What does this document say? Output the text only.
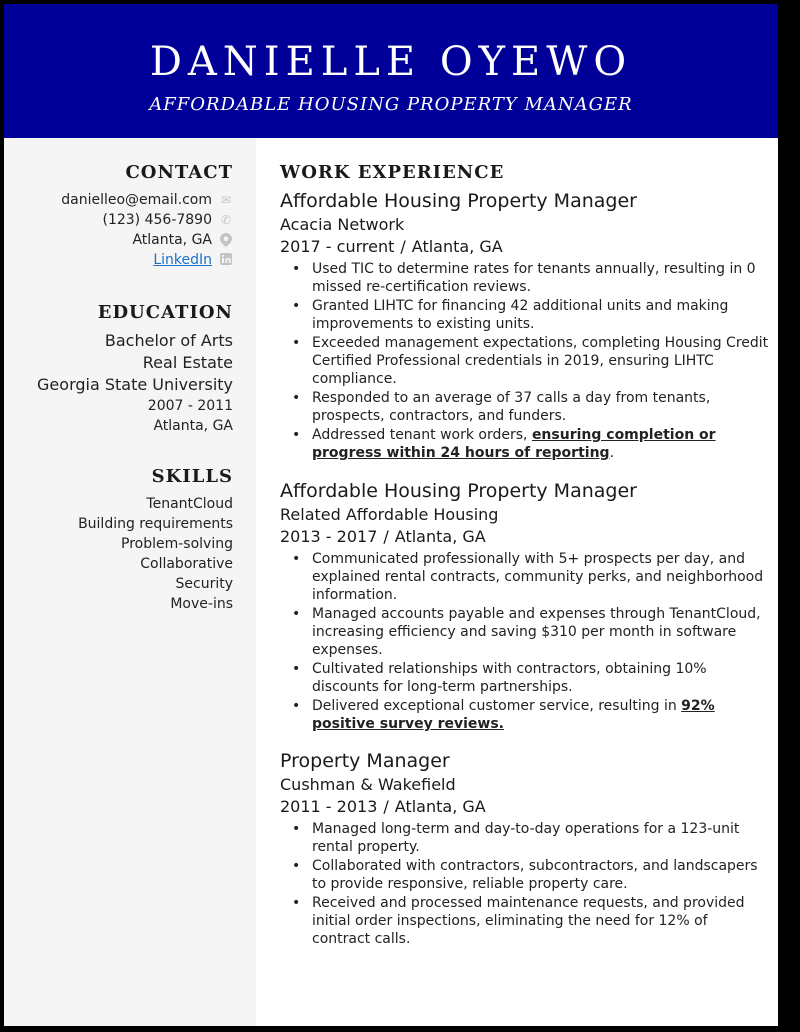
DANIELLE OYEWO
AFFORDABLE HOUSING PROPERTY MANAGER
CONTACT
danielleo@email.com ✉
(123) 456-7890 ✆
Atlanta, GA
LinkedIn
EDUCATION
Bachelor of Arts
Real Estate
Georgia State University
2007 - 2011
Atlanta, GA
SKILLS
TenantCloud
Building requirements
Problem-solving
Collaborative
Security
Move-ins
WORK EXPERIENCE
Affordable Housing Property Manager
Acacia Network
2017 - current / Atlanta, GA
• Used TIC to determine rates for tenants annually, resulting in 0 missed re-certification reviews.
• Granted LIHTC for financing 42 additional units and making improvements to existing units.
• Exceeded management expectations, completing Housing Credit Certified Professional credentials in 2019, ensuring LIHTC compliance.
• Responded to an average of 37 calls a day from tenants, prospects, contractors, and funders.
• Addressed tenant work orders, ensuring completion or progress within 24 hours of reporting.
Affordable Housing Property Manager
Related Affordable Housing
2013 - 2017 / Atlanta, GA
• Communicated professionally with 5+ prospects per day, and explained rental contracts, community perks, and neighborhood information.
• Managed accounts payable and expenses through TenantCloud, increasing efficiency and saving $310 per month in software expenses.
• Cultivated relationships with contractors, obtaining 10% discounts for long-term partnerships.
• Delivered exceptional customer service, resulting in 92% positive survey reviews.
Property Manager
Cushman & Wakefield
2011 - 2013 / Atlanta, GA
• Managed long-term and day-to-day operations for a 123-unit rental property.
• Collaborated with contractors, subcontractors, and landscapers to provide responsive, reliable property care.
• Received and processed maintenance requests, and provided initial order inspections, eliminating the need for 12% of contract calls.
